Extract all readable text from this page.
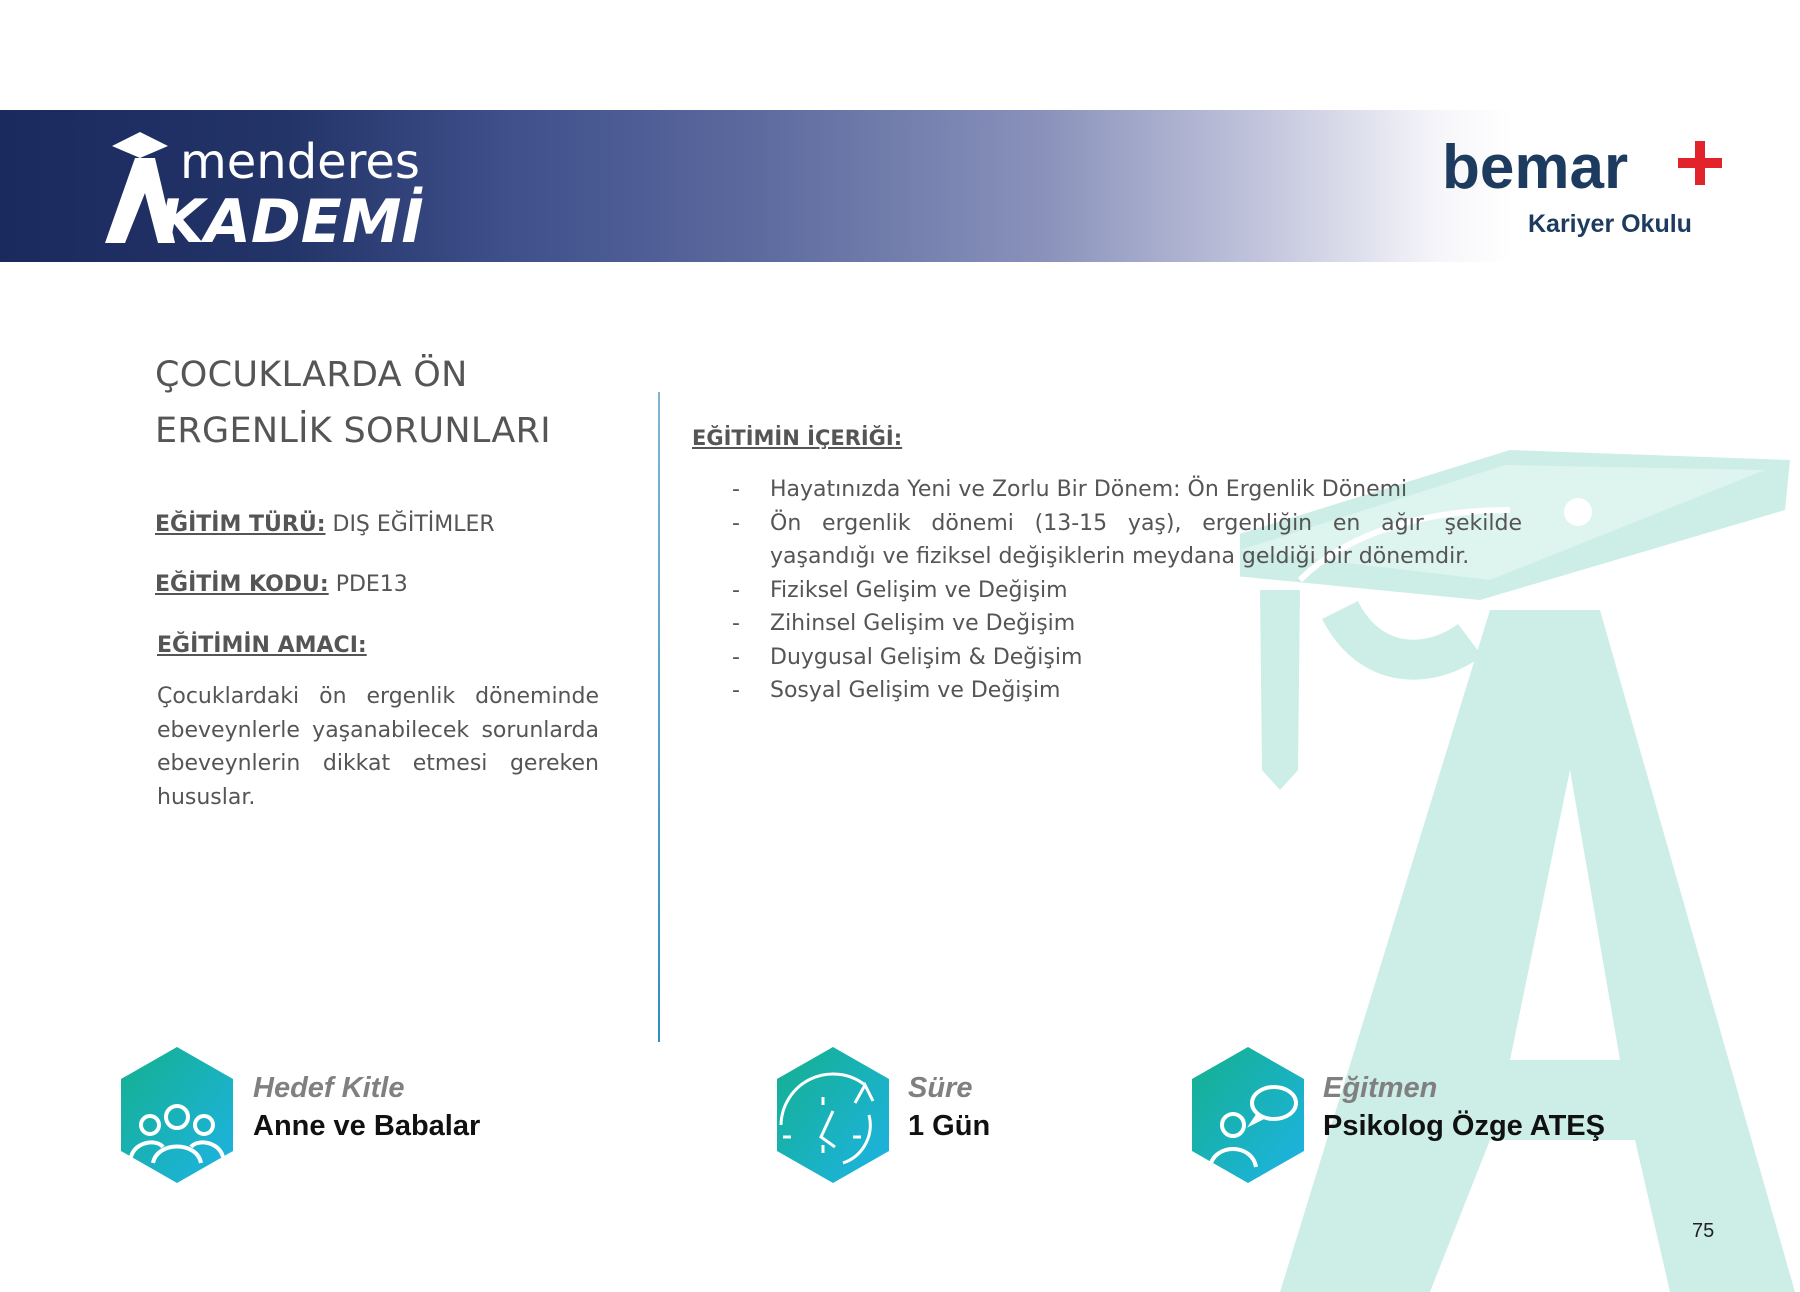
menderes
KADEMİ
bemar
Kariyer Okulu
ÇOCUKLARDA ÖN
ERGENLİK SORUNLARI
EĞİTİM TÜRÜ: DIŞ EĞİTİMLER
EĞİTİM KODU: PDE13
EĞİTİMİN AMACI:
Çocuklardaki ön ergenlik döneminde ebeveynlerle yaşanabilecek sorunlarda ebeveynlerin dikkat etmesi gereken hususlar.
EĞİTİMİN İÇERİĞİ:
- Hayatınızda Yeni ve Zorlu Bir Dönem: Ön Ergenlik Dönemi
- Ön ergenlik dönemi (13-15 yaş), ergenliğin en ağır şekilde yaşandığı ve fiziksel değişiklerin meydana geldiği bir dönemdir.
- Fiziksel Gelişim ve Değişim
- Zihinsel Gelişim ve Değişim
- Duygusal Gelişim & Değişim
- Sosyal Gelişim ve Değişim
Hedef Kitle
Anne ve Babalar
Süre
1 Gün
Eğitmen
Psikolog Özge ATEŞ
75
